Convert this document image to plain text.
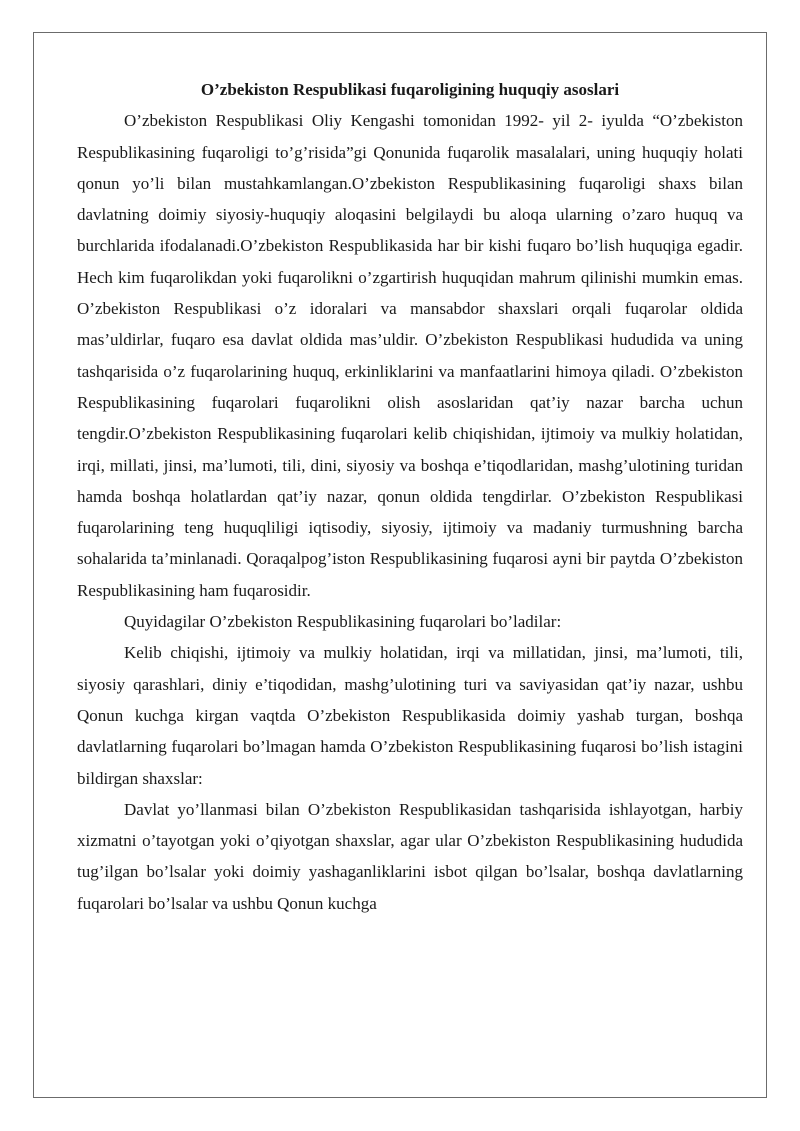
O’zbekiston Respublikasi fuqaroligining huquqiy asoslari

O’zbekiston Respublikasi Oliy Kengashi tomonidan 1992- yil 2- iyulda “O’zbekiston Respublikasining fuqaroligi to’g’risida”gi Qonunida fuqarolik masalalari, uning huquqiy holati qonun yo’li bilan mustahkamlangan.O’zbekiston Respublikasining fuqaroligi shaxs bilan davlatning doimiy siyosiy-huquqiy aloqasini belgilaydi bu aloqa ularning o’zaro huquq va burchlarida ifodalanadi.O’zbekiston Respublikasida har bir kishi fuqaro bo’lish huquqiga egadir. Hech kim fuqarolikdan yoki fuqarolikni o’zgartirish huquqidan mahrum qilinishi mumkin emas. O’zbekiston Respublikasi o’z idoralari va mansabdor shaxslari orqali fuqarolar oldida mas’uldirlar, fuqaro esa davlat oldida mas’uldir. O’zbekiston Respublikasi hududida va uning tashqarisida o’z fuqarolarining huquq, erkinliklarini va manfaatlarini himoya qiladi. O’zbekiston Respublikasining fuqarolari fuqarolikni olish asoslaridan qat’iy nazar barcha uchun tengdir.O’zbekiston Respublikasining fuqarolari kelib chiqishidan, ijtimoiy va mulkiy holatidan, irqi, millati, jinsi, ma’lumoti, tili, dini, siyosiy va boshqa e’tiqodlaridan, mashg’ulotining turidan hamda boshqa holatlardan qat’iy nazar, qonun oldida tengdirlar. O’zbekiston Respublikasi fuqarolarining teng huquqliligi iqtisodiy, siyosiy, ijtimoiy va madaniy turmushning barcha sohalarida ta’minlanadi. Qoraqalpog’iston Respublikasining fuqarosi ayni bir paytda O’zbekiston Respublikasining ham fuqarosidir.

Quyidagilar O’zbekiston Respublikasining fuqarolari bo’ladilar:

Kelib chiqishi, ijtimoiy va mulkiy holatidan, irqi va millatidan, jinsi, ma’lumoti, tili, siyosiy qarashlari, diniy e’tiqodidan, mashg’ulotining turi va saviyasidan qat’iy nazar, ushbu Qonun kuchga kirgan vaqtda O’zbekiston Respublikasida doimiy yashab turgan, boshqa davlatlarning fuqarolari bo’lmagan hamda O’zbekiston Respublikasining fuqarosi bo’lish istagini bildirgan shaxslar:

Davlat yo’llanmasi bilan O’zbekiston Respublikasidan tashqarisida ishlayotgan, harbiy xizmatni o’tayotgan yoki o’qiyotgan shaxslar, agar ular O’zbekiston Respublikasining hududida tug’ilgan bo’lsalar yoki doimiy yashaganliklarini isbot qilgan bo’lsalar, boshqa davlatlarning fuqarolari bo’lsalar va ushbu Qonun kuchga
